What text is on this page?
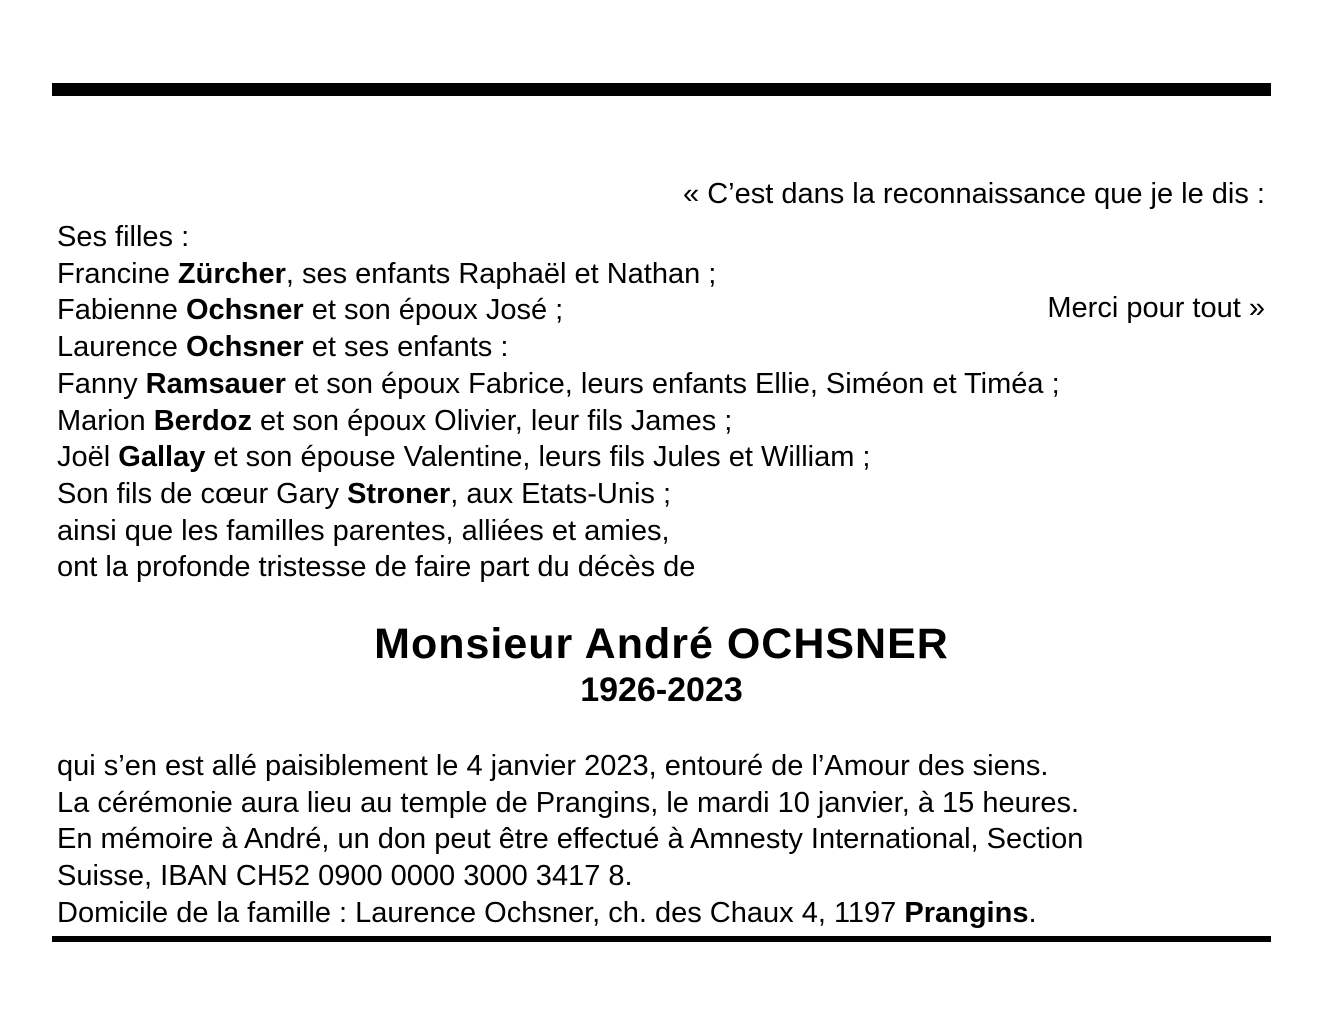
« C’est dans la reconnaissance que je le dis :

Merci pour tout »

Ses filles :
Francine Zürcher, ses enfants Raphaël et Nathan ;
Fabienne Ochsner et son époux José ;
Laurence Ochsner et ses enfants :
Fanny Ramsauer et son époux Fabrice, leurs enfants Ellie, Siméon et Timéa ;
Marion Berdoz et son époux Olivier, leur fils James ;
Joël Gallay et son épouse Valentine, leurs fils Jules et William ;
Son fils de cœur Gary Stroner, aux Etats-Unis ;
ainsi que les familles parentes, alliées et amies,
ont la profonde tristesse de faire part du décès de
Monsieur André OCHSNER
1926-2023
qui s’en est allé paisiblement le 4 janvier 2023, entouré de l’Amour des siens.
La cérémonie aura lieu au temple de Prangins, le mardi 10 janvier, à 15 heures.
En mémoire à André, un don peut être effectué à Amnesty International, Section
Suisse, IBAN CH52 0900 0000 3000 3417 8.
Domicile de la famille : Laurence Ochsner, ch. des Chaux 4, 1197 Prangins.
